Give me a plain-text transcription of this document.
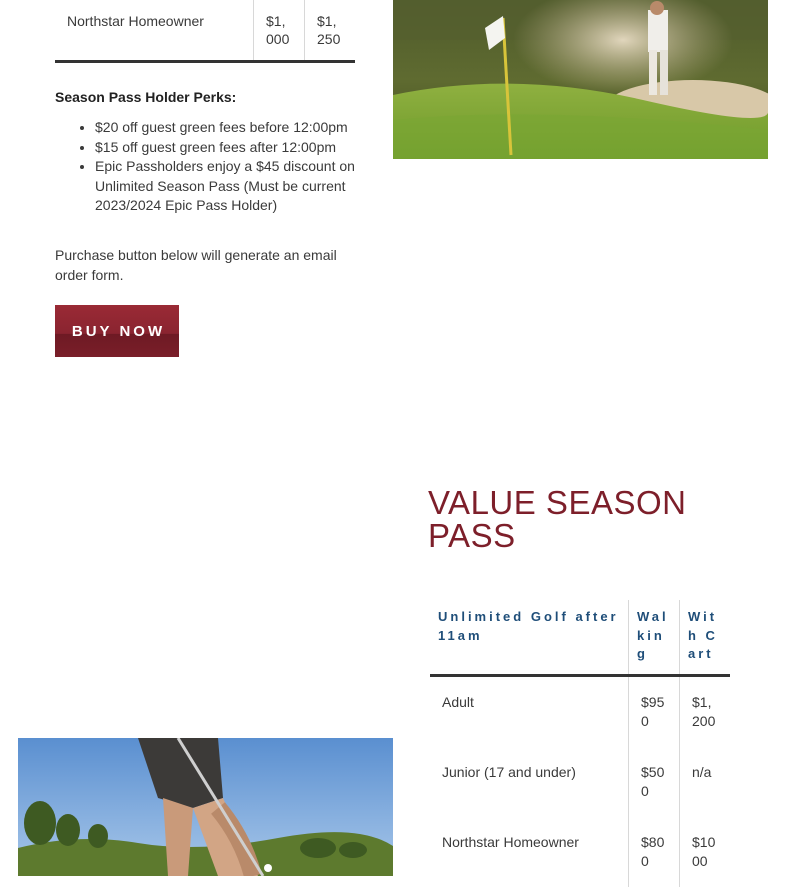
Northstar Homeowner	$1,000	$1,250
Season Pass Holder Perks:
• $20 off guest green fees before 12:00pm
• $15 off guest green fees after 12:00pm
• Epic Passholders enjoy a $45 discount on Unlimited Season Pass (Must be current 2023/2024 Epic Pass Holder)
Purchase button below will generate an email order form.
BUY NOW
VALUE SEASON PASS
Unlimited Golf after 11am	Walking	With Cart
Adult	$950	$1,200
Junior (17 and under)	$500	n/a
Northstar Homeowner	$800	$1000
